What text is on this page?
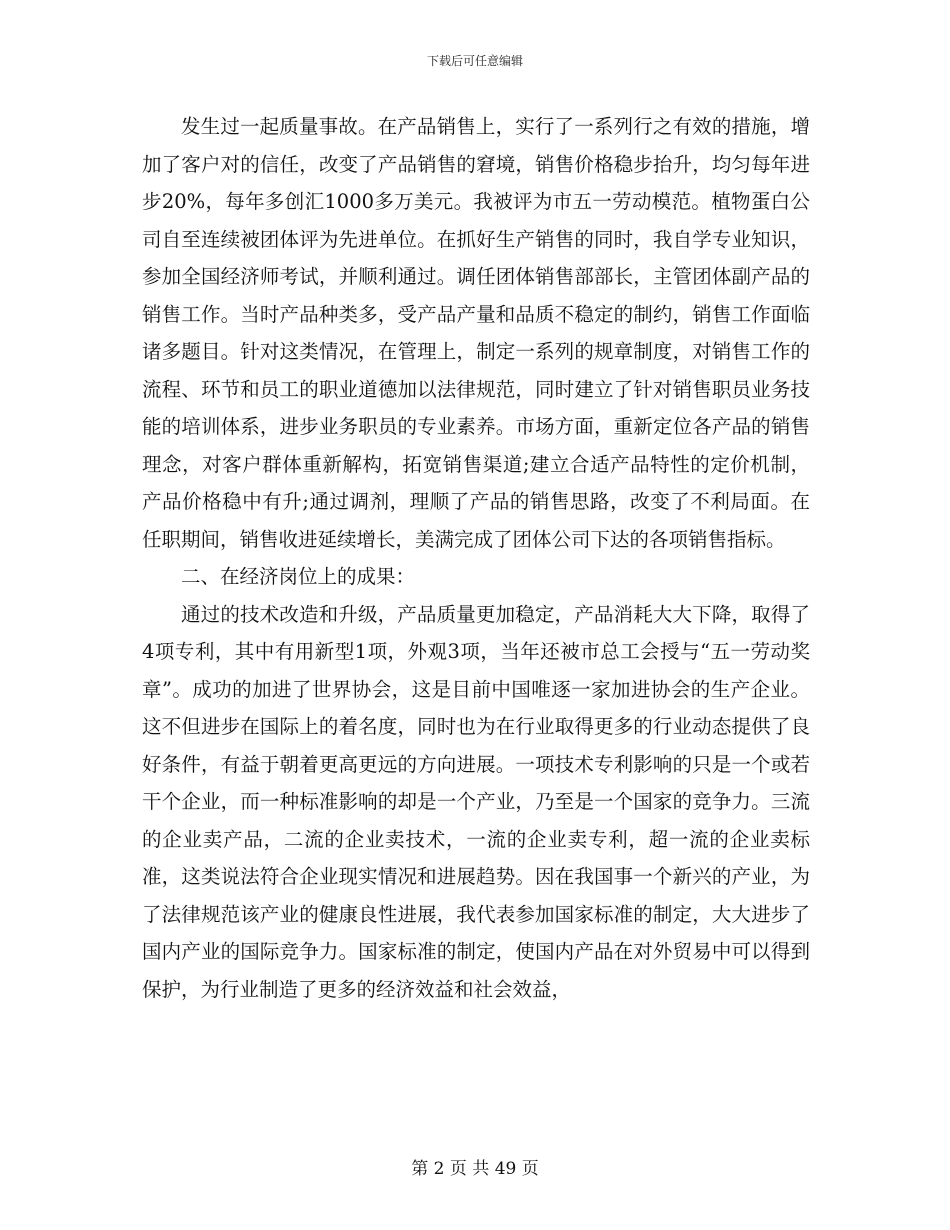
下载后可任意编辑

发生过一起质量事故。在产品销售上，实行了一系列行之有效的措施，增加了客户对的信任，改变了产品销售的窘境，销售价格稳步抬升，均匀每年进步20%，每年多创汇1000多万美元。我被评为市五一劳动模范。植物蛋白公司自至连续被团体评为先进单位。在抓好生产销售的同时，我自学专业知识，参加全国经济师考试，并顺利通过。调任团体销售部部长，主管团体副产品的销售工作。当时产品种类多，受产品产量和品质不稳定的制约，销售工作面临诸多题目。针对这类情况，在管理上，制定一系列的规章制度，对销售工作的流程、环节和员工的职业道德加以法律规范，同时建立了针对销售职员业务技能的培训体系，进步业务职员的专业素养。市场方面，重新定位各产品的销售理念，对客户群体重新解构，拓宽销售渠道;建立合适产品特性的定价机制，产品价格稳中有升;通过调剂，理顺了产品的销售思路，改变了不利局面。在任职期间，销售收进延续增长，美满完成了团体公司下达的各项销售指标。

二、在经济岗位上的成果：

通过的技术改造和升级，产品质量更加稳定，产品消耗大大下降，取得了4项专利，其中有用新型1项，外观3项，当年还被市总工会授与“五一劳动奖章”。成功的加进了世界协会，这是目前中国唯逐一家加进协会的生产企业。这不但进步在国际上的着名度，同时也为在行业取得更多的行业动态提供了良好条件，有益于朝着更高更远的方向进展。一项技术专利影响的只是一个或若干个企业，而一种标准影响的却是一个产业，乃至是一个国家的竞争力。三流的企业卖产品，二流的企业卖技术，一流的企业卖专利，超一流的企业卖标准，这类说法符合企业现实情况和进展趋势。因在我国事一个新兴的产业，为了法律规范该产业的健康良性进展，我代表参加国家标准的制定，大大进步了国内产业的国际竞争力。国家标准的制定，使国内产品在对外贸易中可以得到保护，为行业制造了更多的经济效益和社会效益，

第 2 页 共 49 页
